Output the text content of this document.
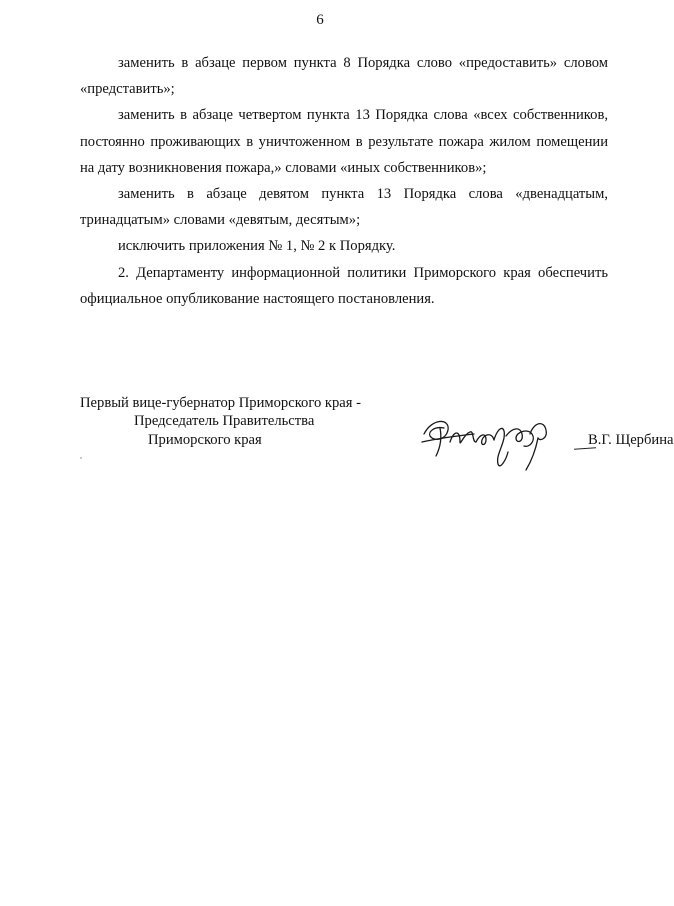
6

заменить в абзаце первом пункта 8 Порядка слово «предоставить» словом «представить»;

заменить в абзаце четвертом пункта 13 Порядка слова «всех собственников, постоянно проживающих в уничтоженном в результате пожара жилом помещении на дату возникновения пожара,» словами «иных собственников»;

заменить в абзаце девятом пункта 13 Порядка слова «двенадцатым, тринадцатым» словами «девятым, десятым»;

исключить приложения № 1, № 2 к Порядку.

2. Департаменту информационной политики Приморского края обеспечить официальное опубликование настоящего постановления.

Первый вице-губернатор Приморского края -
Председатель Правительства
Приморского края	В.Г. Щербина
